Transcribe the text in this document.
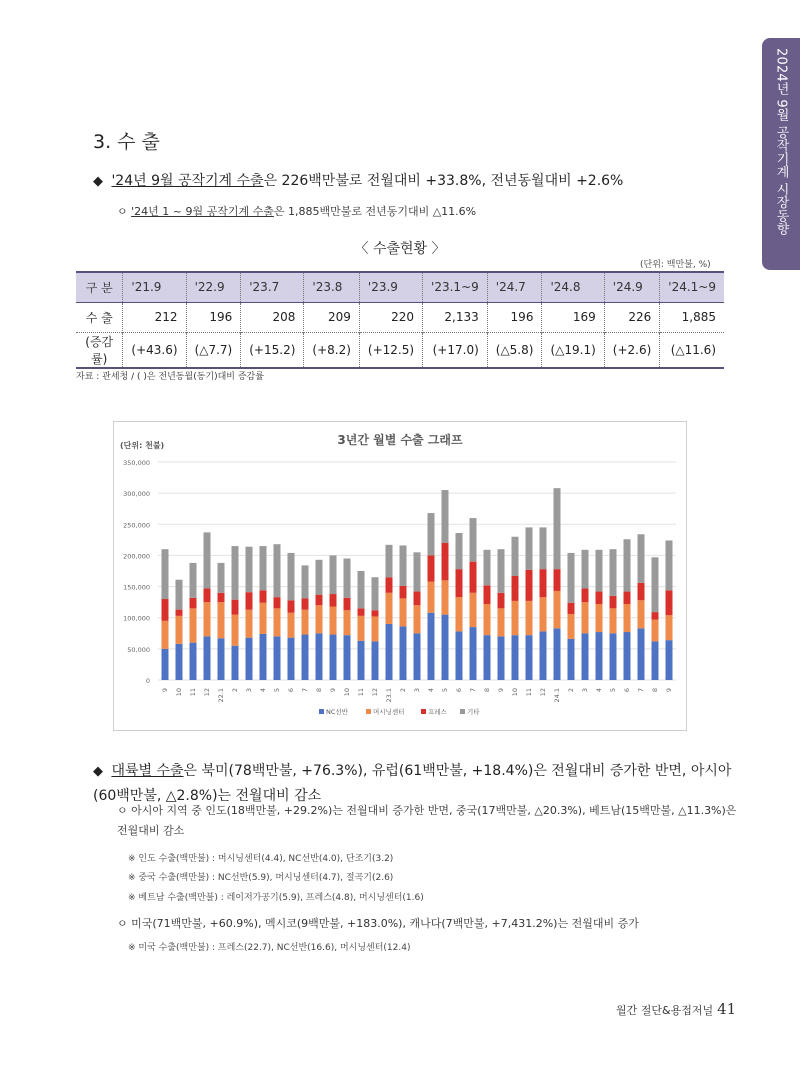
2024년 9월 공작기계 시장동향
3. 수 출
◆ '24년 9월 공작기계 수출은 226백만불로 전월대비 +33.8%, 전년동월대비 +2.6%
ㅇ '24년 1 ~ 9월 공작기계 수출은 1,885백만불로 전년동기대비 △11.6%
〈 수출현황 〉
(단위: 백만불, %)
구 분	'21.9	'22.9	'23.7	'23.8	'23.9	'23.1~9	'24.7	'24.8	'24.9	'24.1~9
수 출	212	196	208	209	220	2,133	196	169	226	1,885
(증감률)	(+43.6)	(△7.7)	(+15.2)	(+8.2)	(+12.5)	(+17.0)	(△5.8)	(△19.1)	(+2.6)	(△11.6)
자료 : 관세청 / ( )은 전년동월(동기)대비 증감률
3년간 월별 수출 그래프
(단위: 천불)
0
50,000
100,000
150,000
200,000
250,000
300,000
350,000
9 10 11 12 22.1 2 3 4 5 6 7 8 9 10 11 12 23.1 2 3 4 5 6 7 8 9 10 11 12 24.1 2 3 4 5 6 7 8 9
NC선반	머시닝센터	프레스	기타
◆ 대륙별 수출은 북미(78백만불, +76.3%), 유럽(61백만불, +18.4%)은 전월대비 증가한 반면, 아시아(60백만불, △2.8%)는 전월대비 감소
ㅇ 아시아 지역 중 인도(18백만불, +29.2%)는 전월대비 증가한 반면, 중국(17백만불, △20.3%), 베트남(15백만불, △11.3%)은 전월대비 감소
※ 인도 수출(백만불) : 머시닝센터(4.4), NC선반(4.0), 단조기(3.2)
※ 중국 수출(백만불) : NC선반(5.9), 머시닝센터(4.7), 절곡기(2.6)
※ 베트남 수출(백만불) : 레이저가공기(5.9), 프레스(4.8), 머시닝센터(1.6)
ㅇ 미국(71백만불, +60.9%), 멕시코(9백만불, +183.0%), 캐나다(7백만불, +7,431.2%)는 전월대비 증가
※ 미국 수출(백만불) : 프레스(22.7), NC선반(16.6), 머시닝센터(12.4)
월간 절단&용접저널 41
